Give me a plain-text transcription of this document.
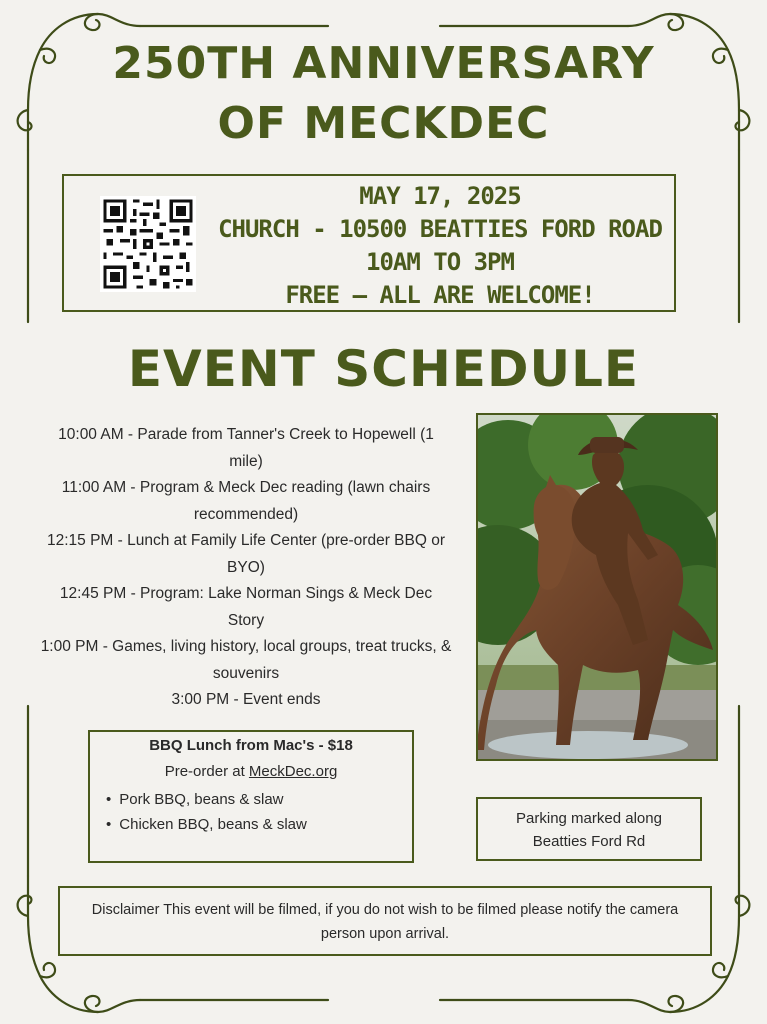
250TH ANNIVERSARY
OF MECKDEC
MAY 17, 2025
CHURCH - 10500 BEATTIES FORD ROAD
10AM TO 3PM
FREE — ALL ARE WELCOME!
EVENT SCHEDULE
10:00 AM - Parade from Tanner's Creek to Hopewell (1 mile)
11:00 AM - Program & Meck Dec reading (lawn chairs recommended)
12:15 PM - Lunch at Family Life Center (pre-order BBQ or BYO)
12:45 PM - Program: Lake Norman Sings & Meck Dec Story
1:00 PM - Games, living history, local groups, treat trucks, & souvenirs
3:00 PM - Event ends
BBQ Lunch from Mac's - $18
Pre-order at MeckDec.org
• Pork BBQ, beans & slaw
• Chicken BBQ, beans & slaw	Parking marked along
Beatties Ford Rd
Disclaimer This event will be filmed, if you do not wish to be filmed please notify the camera person upon arrival.
